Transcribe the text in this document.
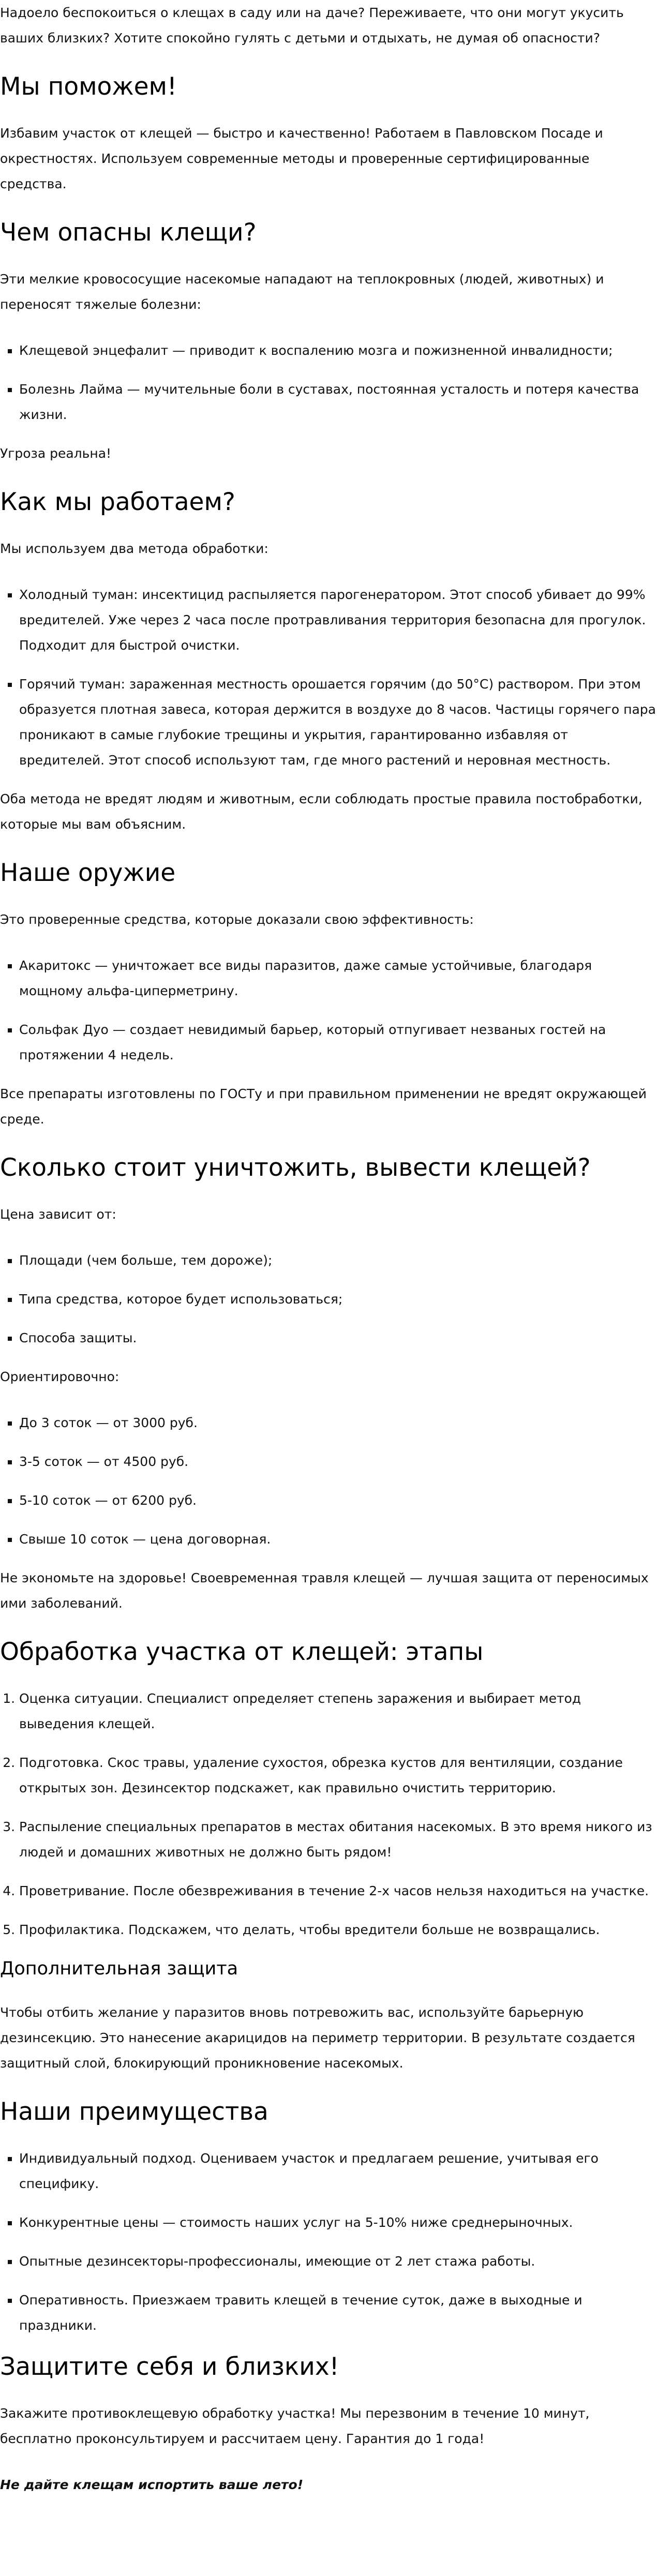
Надоело беспокоиться о клещах в саду или на даче? Переживаете, что они могут укусить ваших близких? Хотите спокойно гулять с детьми и отдыхать, не думая об опасности?

Мы поможем!

Избавим участок от клещей — быстро и качественно! Работаем в Павловском Посаде и окрестностях. Используем современные методы и проверенные сертифицированные средства.

Чем опасны клещи?

Эти мелкие кровососущие насекомые нападают на теплокровных (людей, животных) и переносят тяжелые болезни:

▪ Клещевой энцефалит — приводит к воспалению мозга и пожизненной инвалидности;
▪ Болезнь Лайма — мучительные боли в суставах, постоянная усталость и потеря качества жизни.

Угроза реальна!

Как мы работаем?

Мы используем два метода обработки:

▪ Холодный туман: инсектицид распыляется парогенератором. Этот способ убивает до 99% вредителей. Уже через 2 часа после протравливания территория безопасна для прогулок. Подходит для быстрой очистки.
▪ Горячий туман: зараженная местность орошается горячим (до 50°C) раствором. При этом образуется плотная завеса, которая держится в воздухе до 8 часов. Частицы горячего пара проникают в самые глубокие трещины и укрытия, гарантированно избавляя от вредителей. Этот способ используют там, где много растений и неровная местность.

Оба метода не вредят людям и животным, если соблюдать простые правила постобработки, которые мы вам объясним.

Наше оружие

Это проверенные средства, которые доказали свою эффективность:

▪ Акаритокс — уничтожает все виды паразитов, даже самые устойчивые, благодаря мощному альфа-циперметрину.
▪ Сольфак Дуо — создает невидимый барьер, который отпугивает незваных гостей на протяжении 4 недель.

Все препараты изготовлены по ГОСТу и при правильном применении не вредят окружающей среде.

Сколько стоит уничтожить, вывести клещей?

Цена зависит от:

▪ Площади (чем больше, тем дороже);
▪ Типа средства, которое будет использоваться;
▪ Способа защиты.

Ориентировочно:

▪ До 3 соток — от 3000 руб.
▪ 3-5 соток — от 4500 руб.
▪ 5-10 соток — от 6200 руб.
▪ Свыше 10 соток — цена договорная.

Не экономьте на здоровье! Своевременная травля клещей — лучшая защита от переносимых ими заболеваний.

Обработка участка от клещей: этапы
1. Оценка ситуации. Специалист определяет степень заражения и выбирает метод выведения клещей.
2. Подготовка. Скос травы, удаление сухостоя, обрезка кустов для вентиляции, создание открытых зон. Дезинсектор подскажет, как правильно очистить территорию.
3. Распыление специальных препаратов в местах обитания насекомых. В это время никого из людей и домашних животных не должно быть рядом!
4. Проветривание. После обезвреживания в течение 2-х часов нельзя находиться на участке.
5. Профилактика. Подскажем, что делать, чтобы вредители больше не возвращались.
Дополнительная защита

Чтобы отбить желание у паразитов вновь потревожить вас, используйте барьерную дезинсекцию. Это нанесение акарицидов на периметр территории. В результате создается защитный слой, блокирующий проникновение насекомых.

Наши преимущества
▪ Индивидуальный подход. Оцениваем участок и предлагаем решение, учитывая его специфику.
▪ Конкурентные цены — стоимость наших услуг на 5-10% ниже среднерыночных.
▪ Опытные дезинсекторы-профессионалы, имеющие от 2 лет стажа работы.
▪ Оперативность. Приезжаем травить клещей в течение суток, даже в выходные и праздники.
Защитите себя и близких!

Закажите противоклещевую обработку участка! Мы перезвоним в течение 10 минут, бесплатно проконсультируем и рассчитаем цену. Гарантия до 1 года!

Не дайте клещам испортить ваше лето!
